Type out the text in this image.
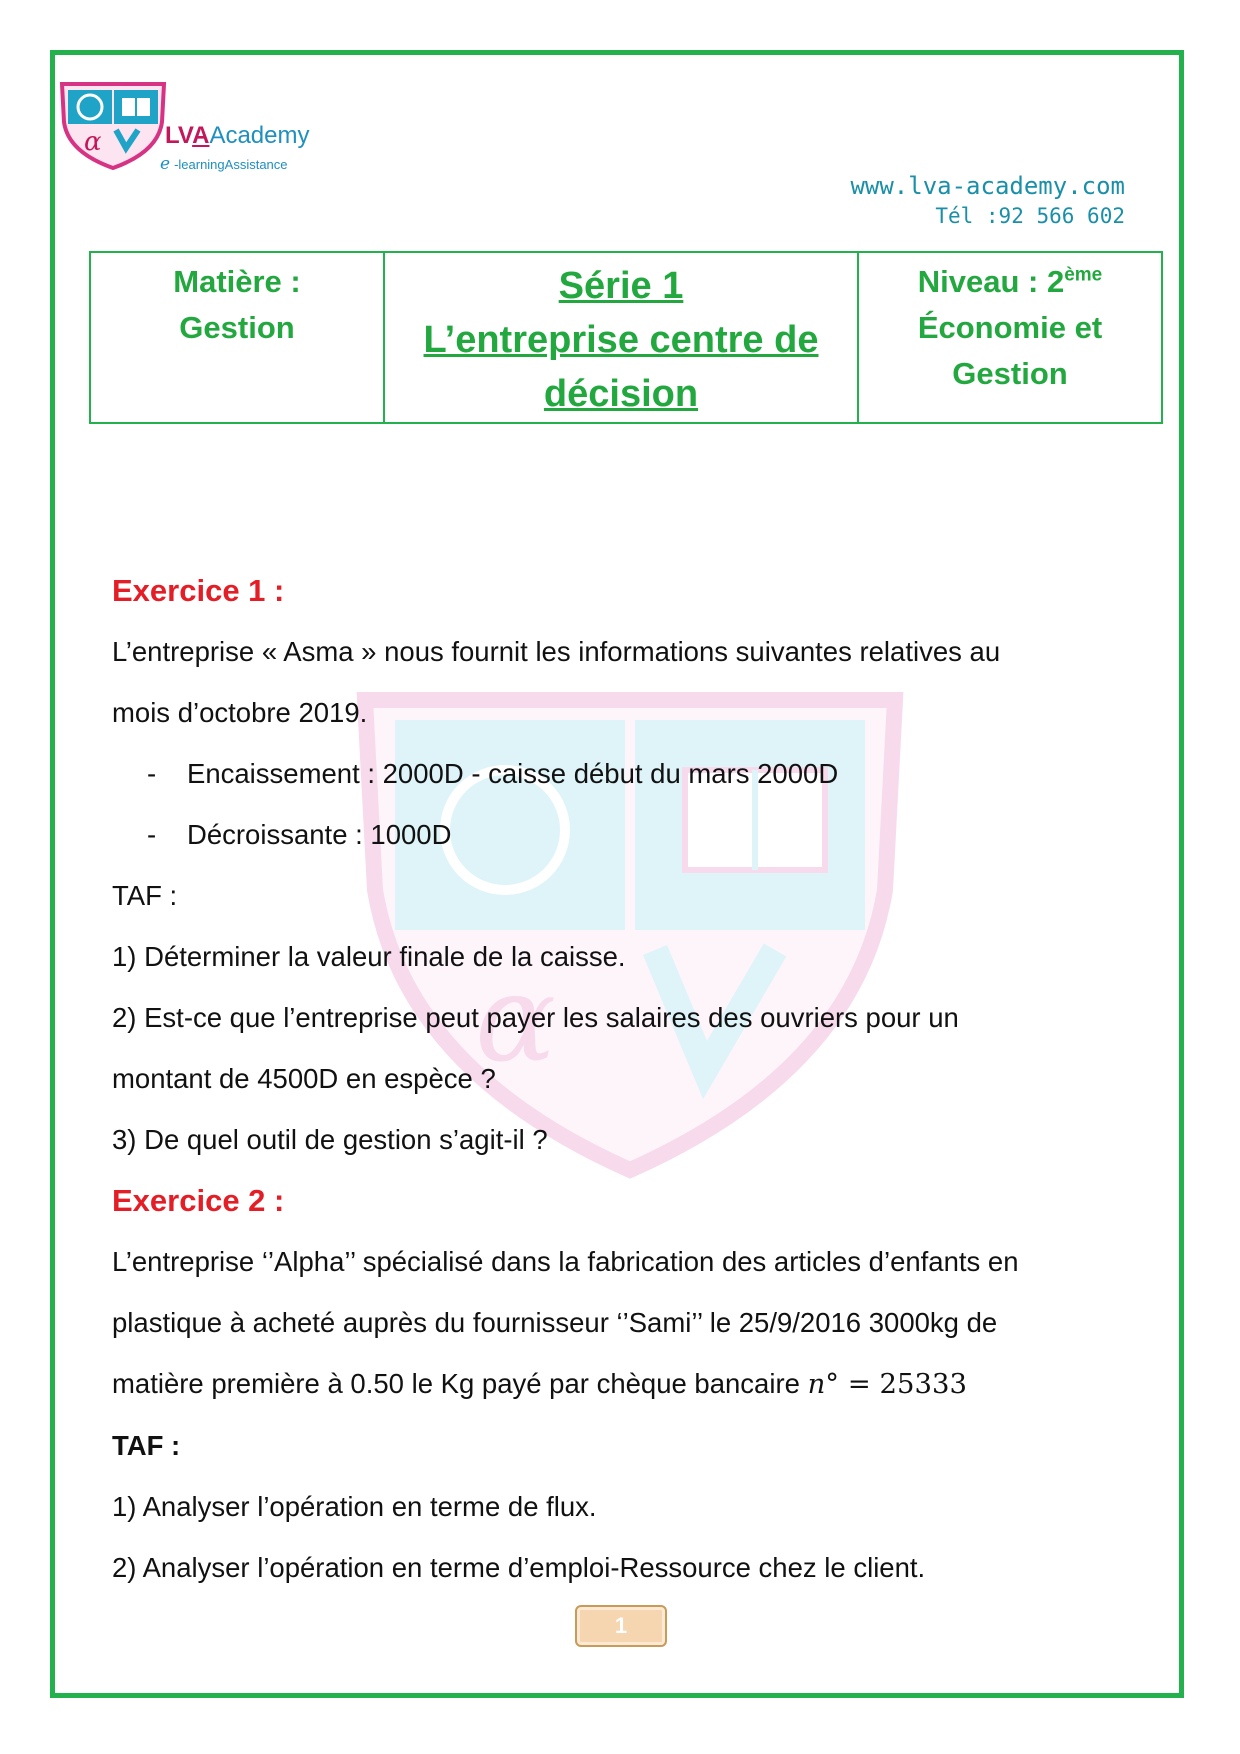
α	LVAAcademy
e -learningAssistance
www.lva-academy.com
Tél :92 566 602
Matière :
Gestion

Série 1
L’entreprise centre de
décision

Niveau : 2ème
Économie et
Gestion
α

Exercice 1 :

L’entreprise « Asma » nous fournit les informations suivantes relatives au

mois d’octobre 2019.

- Encaissement : 2000D - caisse début du mars 2000D

- Décroissante : 1000D

TAF :

1) Déterminer la valeur finale de la caisse.

2) Est-ce que l’entreprise peut payer les salaires des ouvriers pour un

montant de 4500D en espèce ?

3) De quel outil de gestion s’agit-il ?

Exercice 2 :

L’entreprise ‘’Alpha’’ spécialisé dans la fabrication des articles d’enfants en

plastique à acheté auprès du fournisseur ‘’Sami’’ le 25/9/2016 3000kg de

matière première à 0.50 le Kg payé par chèque bancaire 𝑛° = 25333

TAF :

1) Analyser l’opération en terme de flux.

2) Analyser l’opération en terme d’emploi-Ressource chez le client.

1
